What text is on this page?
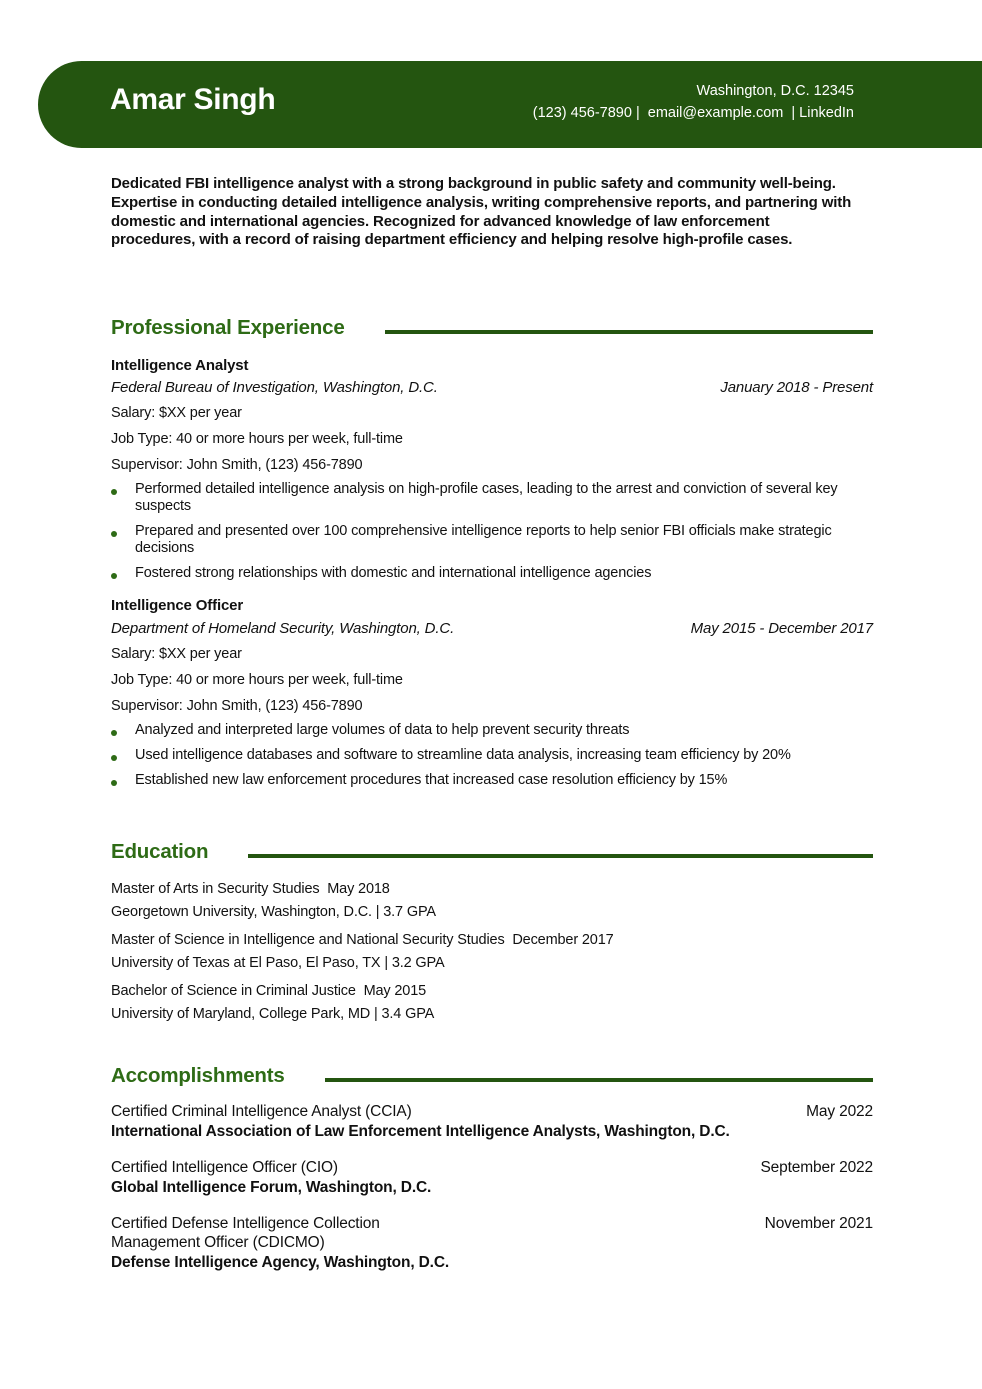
Amar Singh	Washington, D.C. 12345
(123) 456-7890 | email@example.com | LinkedIn
Dedicated FBI intelligence analyst with a strong background in public safety and community well-being. Expertise in conducting detailed intelligence analysis, writing comprehensive reports, and partnering with domestic and international agencies. Recognized for advanced knowledge of law enforcement procedures, with a record of raising department efficiency and helping resolve high-profile cases.
Professional Experience
Intelligence Analyst
Federal Bureau of Investigation, Washington, D.C.	January 2018 - Present
Salary: $XX per year
Job Type: 40 or more hours per week, full-time
Supervisor: John Smith, (123) 456-7890
Performed detailed intelligence analysis on high-profile cases, leading to the arrest and conviction of several key suspects
Prepared and presented over 100 comprehensive intelligence reports to help senior FBI officials make strategic decisions
Fostered strong relationships with domestic and international intelligence agencies
Intelligence Officer
Department of Homeland Security, Washington, D.C.	May 2015 - December 2017
Salary: $XX per year
Job Type: 40 or more hours per week, full-time
Supervisor: John Smith, (123) 456-7890
Analyzed and interpreted large volumes of data to help prevent security threats
Used intelligence databases and software to streamline data analysis, increasing team efficiency by 20%
Established new law enforcement procedures that increased case resolution efficiency by 15%
Education
Master of Arts in Security Studies May 2018
Georgetown University, Washington, D.C. | 3.7 GPA
Master of Science in Intelligence and National Security Studies December 2017
University of Texas at El Paso, El Paso, TX | 3.2 GPA
Bachelor of Science in Criminal Justice May 2015
University of Maryland, College Park, MD | 3.4 GPA
Accomplishments
Certified Criminal Intelligence Analyst (CCIA)	May 2022
International Association of Law Enforcement Intelligence Analysts, Washington, D.C.
Certified Intelligence Officer (CIO)	September 2022
Global Intelligence Forum, Washington, D.C.
Certified Defense Intelligence Collection Management Officer (CDICMO)
November 2021
Defense Intelligence Agency, Washington, D.C.
